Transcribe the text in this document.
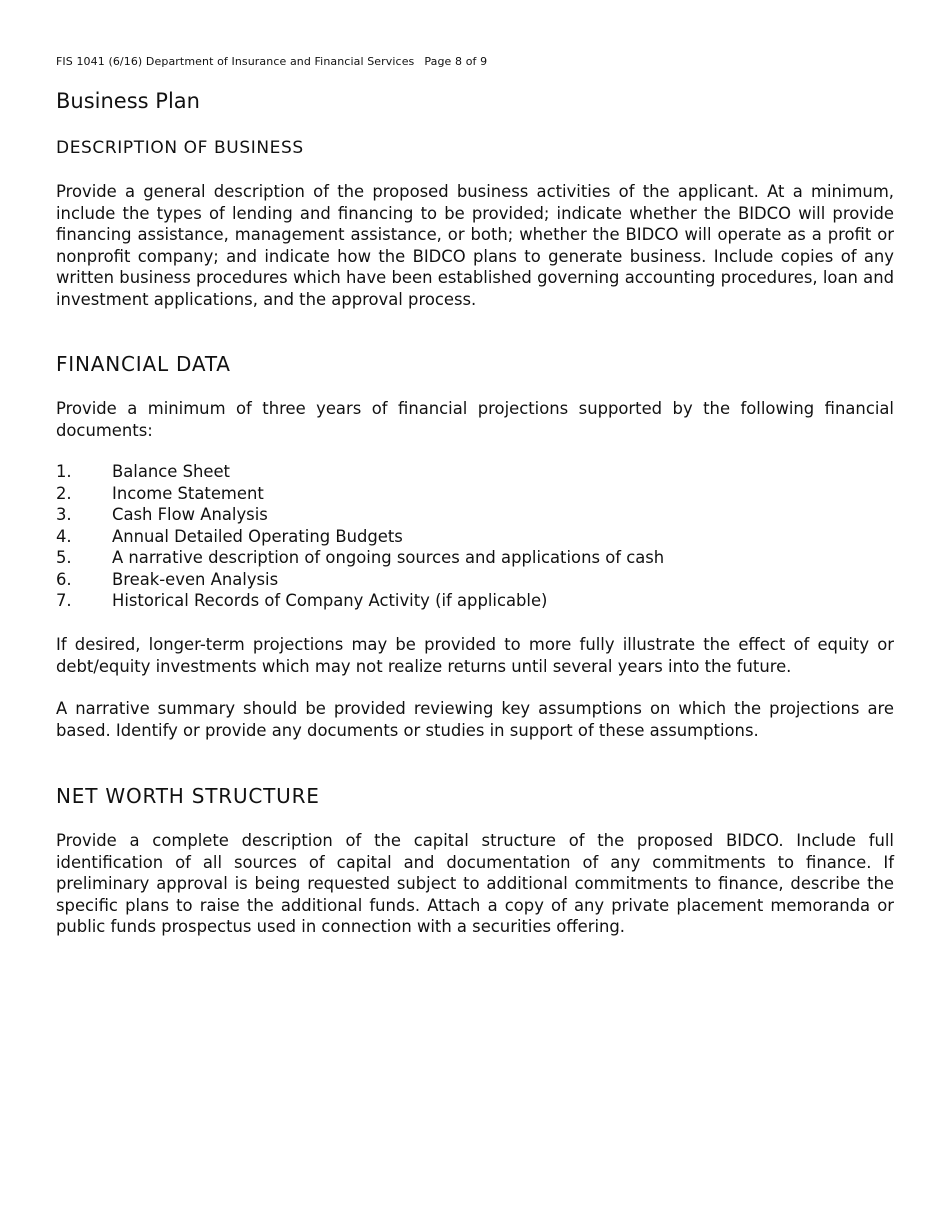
FIS 1041 (6/16) Department of Insurance and Financial Services Page 8 of 9
Business Plan
DESCRIPTION OF BUSINESS

Provide a general description of the proposed business activities of the applicant. At a minimum, include the types of lending and financing to be provided; indicate whether the BIDCO will provide financing assistance, management assistance, or both; whether the BIDCO will operate as a profit or nonprofit company; and indicate how the BIDCO plans to generate business. Include copies of any written business procedures which have been established governing accounting procedures, loan and investment applications, and the approval process.

FINANCIAL DATA

Provide a minimum of three years of financial projections supported by the following financial documents:

1.	Balance Sheet
2.	Income Statement
3.	Cash Flow Analysis
4.	Annual Detailed Operating Budgets
5.	A narrative description of ongoing sources and applications of cash
6.	Break-even Analysis
7.	Historical Records of Company Activity (if applicable)

If desired, longer-term projections may be provided to more fully illustrate the effect of equity or debt/equity investments which may not realize returns until several years into the future.

A narrative summary should be provided reviewing key assumptions on which the projections are based. Identify or provide any documents or studies in support of these assumptions.

NET WORTH STRUCTURE

Provide a complete description of the capital structure of the proposed BIDCO. Include full identification of all sources of capital and documentation of any commitments to finance. If preliminary approval is being requested subject to additional commitments to finance, describe the specific plans to raise the additional funds. Attach a copy of any private placement memoranda or public funds prospectus used in connection with a securities offering.
